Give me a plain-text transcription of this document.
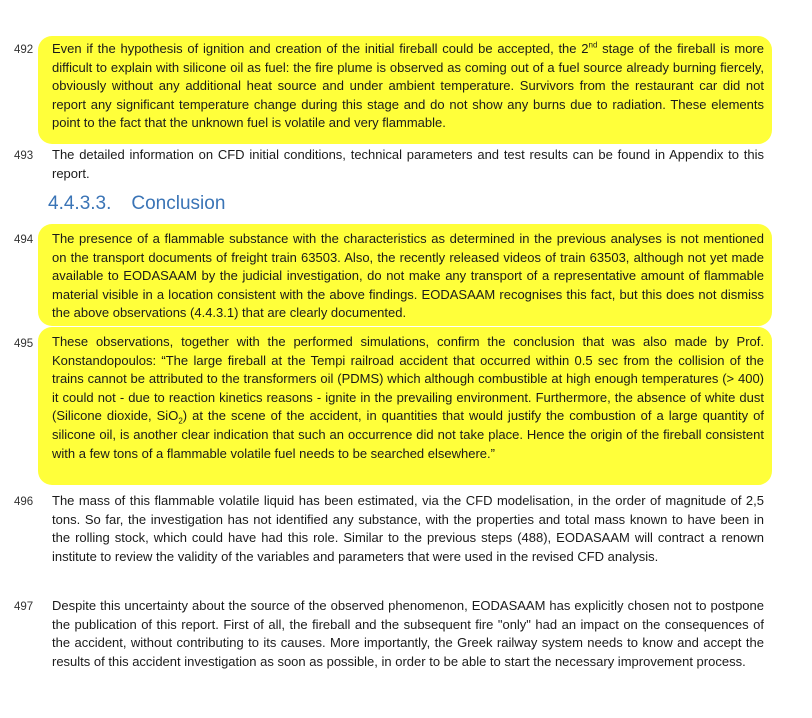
492	Even if the hypothesis of ignition and creation of the initial fireball could be accepted, the 2nd stage of the fireball is more difficult to explain with silicone oil as fuel: the fire plume is observed as coming out of a fuel source already burning fiercely, obviously without any additional heat source and under ambient temperature. Survivors from the restaurant car did not report any significant temperature change during this stage and do not show any burns due to radiation. These elements point to the fact that the unknown fuel is volatile and very flammable.
493	The detailed information on CFD initial conditions, technical parameters and test results can be found in Appendix to this report.
4.4.3.3. Conclusion
494	The presence of a flammable substance with the characteristics as determined in the previous analyses is not mentioned on the transport documents of freight train 63503. Also, the recently released videos of train 63503, although not yet made available to EODASAAM by the judicial investigation, do not make any transport of a representative amount of flammable material visible in a location consistent with the above findings. EODASAAM recognises this fact, but this does not dismiss the above observations (4.4.3.1) that are clearly documented.
495	These observations, together with the performed simulations, confirm the conclusion that was also made by Prof. Konstandopoulos: “The large fireball at the Tempi railroad accident that occurred within 0.5 sec from the collision of the trains cannot be attributed to the transformers oil (PDMS) which although combustible at high enough temperatures (> 400) it could not - due to reaction kinetics reasons - ignite in the prevailing environment. Furthermore, the absence of white dust (Silicone dioxide, SiO$_2$) at the scene of the accident, in quantities that would justify the combustion of a large quantity of silicone oil, is another clear indication that such an occurrence did not take place. Hence the origin of the fireball consistent with a few tons of a flammable volatile fuel needs to be searched elsewhere.”
496	The mass of this flammable volatile liquid has been estimated, via the CFD modelisation, in the order of magnitude of 2,5 tons. So far, the investigation has not identified any substance, with the properties and total mass known to have been in the rolling stock, which could have had this role. Similar to the previous steps (488), EODASAAM will contract a renown institute to review the validity of the variables and parameters that were used in the revised CFD analysis.
497	Despite this uncertainty about the source of the observed phenomenon, EODASAAM has explicitly chosen not to postpone the publication of this report. First of all, the fireball and the subsequent fire "only" had an impact on the consequences of the accident, without contributing to its causes. More importantly, the Greek railway system needs to know and accept the results of this accident investigation as soon as possible, in order to be able to start the necessary improvement process.
